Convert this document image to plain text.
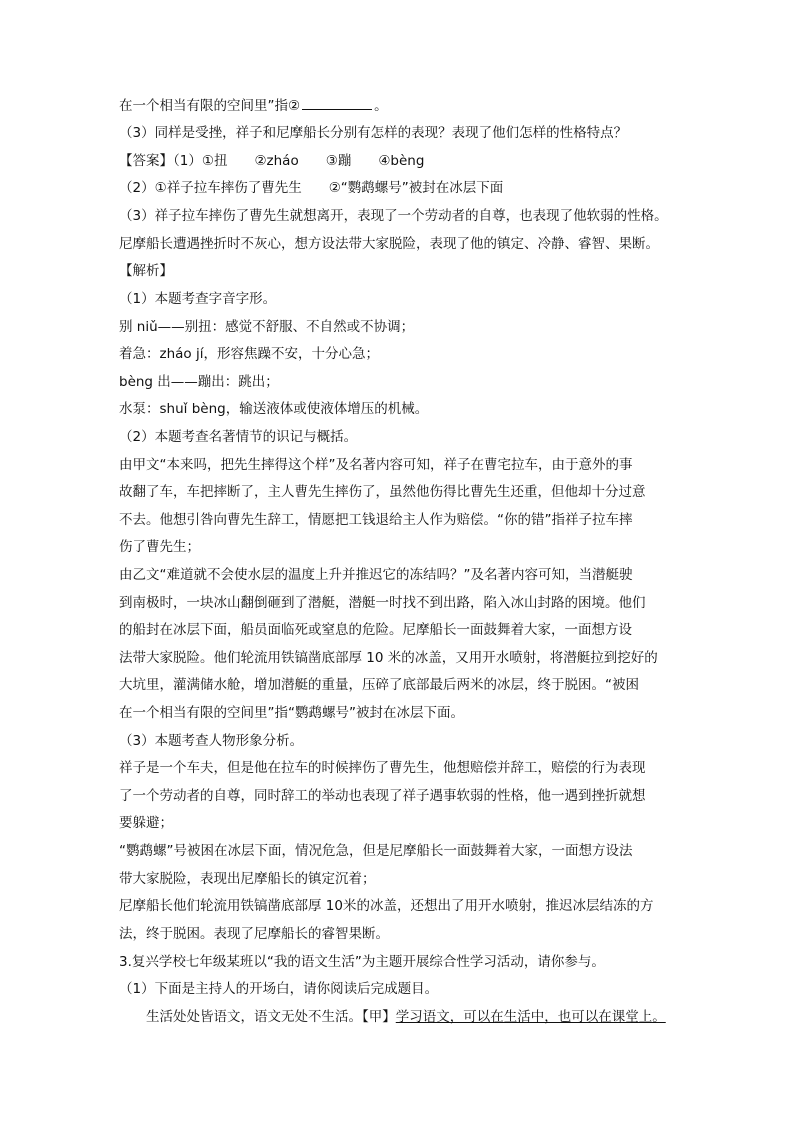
在一个相当有限的空间里”指②	。
（3）同样是受挫，祥子和尼摩船长分别有怎样的表现？表现了他们怎样的性格特点？
【答案】（1）①扭　　②zháo　　③蹦　　④bèng
（2）①祥子拉车摔伤了曹先生　　②“鹦鹉螺号”被封在冰层下面
（3）祥子拉车摔伤了曹先生就想离开，表现了一个劳动者的自尊，也表现了他软弱的性格。
尼摩船长遭遇挫折时不灰心，想方设法带大家脱险，表现了他的镇定、冷静、睿智、果断。
【解析】
（1）本题考查字音字形。
别 niǔ——别扭：感觉不舒服、不自然或不协调；
着急：zháo jí，形容焦躁不安，十分心急；
bèng 出——蹦出：跳出；
水泵：shuǐ bèng，输送液体或使液体增压的机械。
（2）本题考查名著情节的识记与概括。
由甲文“本来吗，把先生摔得这个样”及名著内容可知，祥子在曹宅拉车，由于意外的事
故翻了车，车把摔断了，主人曹先生摔伤了，虽然他伤得比曹先生还重，但他却十分过意
不去。他想引咎向曹先生辞工，情愿把工钱退给主人作为赔偿。“你的错”指祥子拉车摔
伤了曹先生；
由乙文“难道就不会使水层的温度上升并推迟它的冻结吗？”及名著内容可知，当潜艇驶
到南极时，一块冰山翻倒砸到了潜艇，潜艇一时找不到出路，陷入冰山封路的困境。他们
的船封在冰层下面，船员面临死或窒息的危险。尼摩船长一面鼓舞着大家，一面想方设
法带大家脱险。他们轮流用铁镐凿底部厚 10 米的冰盖，又用开水喷射，将潜艇拉到挖好的
大坑里，灌满储水舱，增加潜艇的重量，压碎了底部最后两米的冰层，终于脱困。“被困
在一个相当有限的空间里”指“鹦鹉螺号”被封在冰层下面。
（3）本题考查人物形象分析。
祥子是一个车夫，但是他在拉车的时候摔伤了曹先生，他想赔偿并辞工，赔偿的行为表现
了一个劳动者的自尊，同时辞工的举动也表现了祥子遇事软弱的性格，他一遇到挫折就想
要躲避；
“鹦鹉螺”号被困在冰层下面，情况危急，但是尼摩船长一面鼓舞着大家，一面想方设法
带大家脱险，表现出尼摩船长的镇定沉着；
尼摩船长他们轮流用铁镐凿底部厚 10米的冰盖，还想出了用开水喷射，推迟冰层结冻的方
法，终于脱困。表现了尼摩船长的睿智果断。
3.复兴学校七年级某班以“我的语文生活”为主题开展综合性学习活动，请你参与。
（1）下面是主持人的开场白，请你阅读后完成题目。
　　生活处处皆语文，语文无处不生活。【甲】学习语文，可以在生活中，也可以在课堂上。
